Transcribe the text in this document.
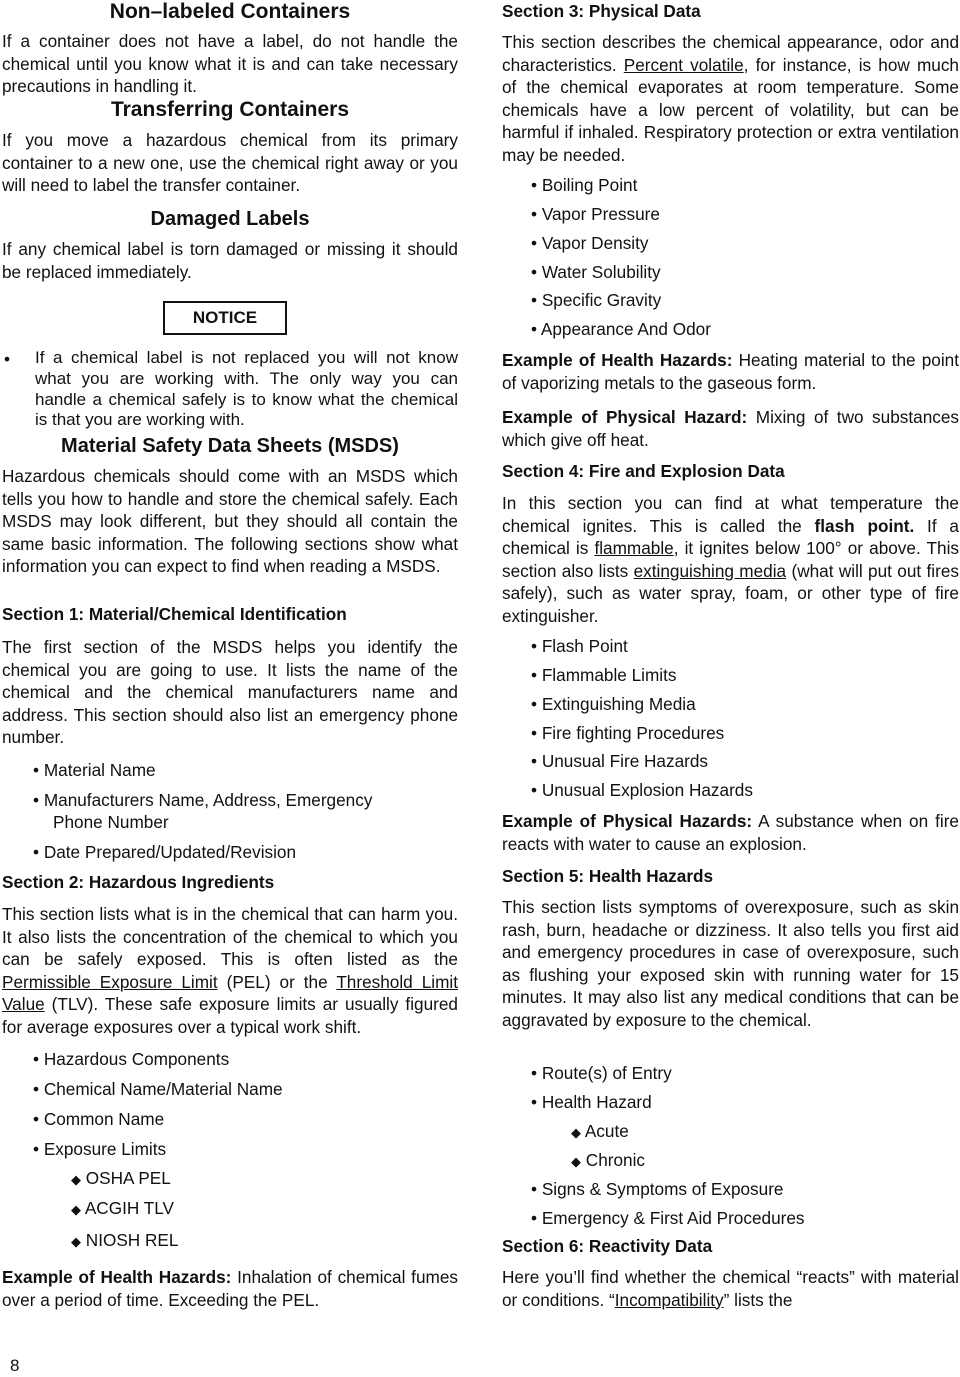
Non–labeled Containers

If a container does not have a label, do not handle the chemical until you know what it is and can take necessary precautions in handling it.

Transferring Containers

If you move a hazardous chemical from its primary container to a new one, use the chemical right away or you will need to label the transfer container.

Damaged Labels

If any chemical label is torn damaged or missing it should be replaced immediately.

If a chemical label is not replaced you will not know what you are working with. The only way you can handle a chemical safely is to know what the chemical is that you are working with.

•
Material Safety Data Sheets (MSDS)

Hazardous chemicals should come with an MSDS which tells you how to handle and store the chemical safely. Each MSDS may look different, but they should all contain the same basic information. The following sections show what information you can expect to find when reading a MSDS.

Section 1: Material/Chemical Identification

The first section of the MSDS helps you identify the chemical you are going to use. It lists the name of the chemical and the chemical manufacturers name and address. This section should also list an emergency phone number.

• Material Name
• Manufacturers Name, Address, Emergency
Phone Number
• Date Prepared/Updated/Revision
Section 2: Hazardous Ingredients

This section lists what is in the chemical that can harm you. It also lists the concentration of the chemical to which you can be safely exposed. This is often listed as the Permissible Exposure Limit (PEL) or the Threshold Limit Value (TLV). These safe exposure limits ar usually figured for average exposures over a typical work shift.

• Hazardous Components
• Chemical Name/Material Name
• Common Name
• Exposure Limits
◆ OSHA PEL
◆ ACGIH TLV
◆ NIOSH REL

Example of Health Hazards: Inhalation of chemical fumes over a period of time. Exceeding the PEL.

NOTICE
Section 3: Physical Data

This section describes the chemical appearance, odor and characteristics. Percent volatile, for instance, is how much of the chemical evaporates at room temperature. Some chemicals have a low percent of volatility, but can be harmful if inhaled. Respiratory protection or extra ventilation may be needed.

• Boiling Point
• Vapor Pressure
• Vapor Density
• Water Solubility
• Specific Gravity
• Appearance And Odor

Example of Health Hazards: Heating material to the point of vaporizing metals to the gaseous form.

Example of Physical Hazard: Mixing of two substances which give off heat.

Section 4: Fire and Explosion Data

In this section you can find at what temperature the chemical ignites. This is called the flash point. If a chemical is flammable, it ignites below 100° or above. This section also lists extinguishing media (what will put out fires safely), such as water spray, foam, or other type of fire extinguisher.

• Flash Point
• Flammable Limits
• Extinguishing Media
• Fire fighting Procedures
• Unusual Fire Hazards
• Unusual Explosion Hazards

Example of Physical Hazards: A substance when on fire reacts with water to cause an explosion.

Section 5: Health Hazards

This section lists symptoms of overexposure, such as skin rash, burn, headache or dizziness. It also tells you first aid and emergency procedures in case of overexposure, such as flushing your exposed skin with running water for 15 minutes. It may also list any medical conditions that can be aggravated by exposure to the chemical.

• Route(s) of Entry
• Health Hazard
◆ Acute
◆ Chronic
• Signs & Symptoms of Exposure
• Emergency & First Aid Procedures
Section 6: Reactivity Data

Here you’ll find whether the chemical “reacts” with material or conditions. “Incompatibility” lists the

8
